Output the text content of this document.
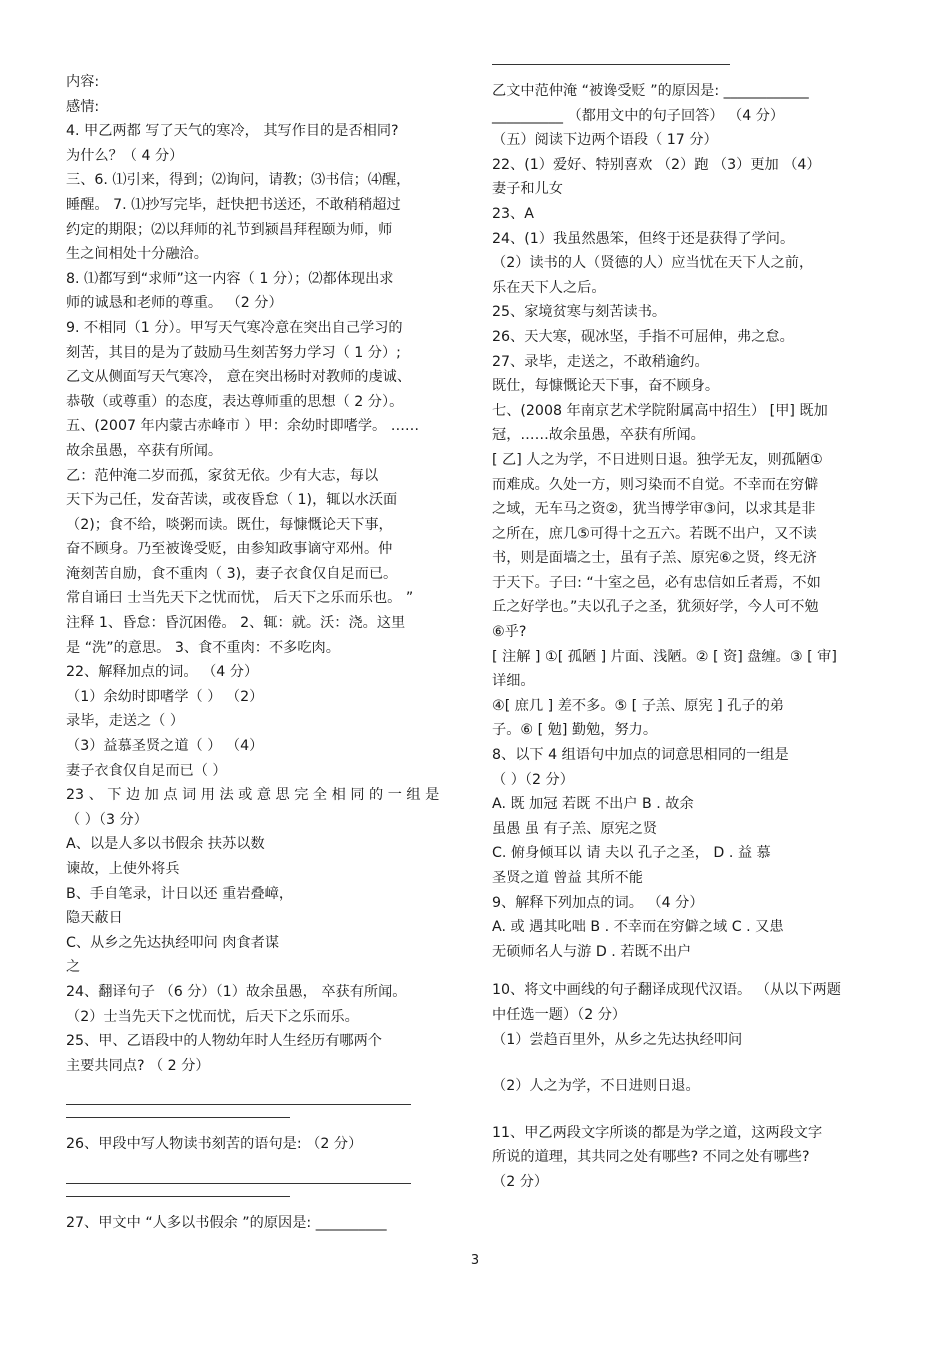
内容:
感情:
4. 甲乙两都 写了天气的寒冷， 其写作目的是否相同?
为什么？（ 4 分）
三、6. ⑴引来，得到；⑵询问，请教；⑶书信；⑷醒，
睡醒。 7. ⑴抄写完毕，赶快把书送还，不敢稍稍超过
约定的期限；⑵以拜师的礼节到颍昌拜程颐为师，师
生之间相处十分融洽。
8. ⑴都写到“求师”这一内容（ 1 分）；⑵都体现出求
师的诚恳和老师的尊重。 （2 分）
9. 不相同（1 分）。甲写天气寒冷意在突出自己学习的
刻苦，其目的是为了鼓励马生刻苦努力学习（ 1 分）;
乙文从侧面写天气寒冷， 意在突出杨时对教师的虔诚、
恭敬（或尊重）的态度，表达尊师重的思想（ 2 分）。
五、(2007 年内蒙古赤峰市 ）甲：余幼时即嗜学。 ……
故余虽愚，卒获有所闻。
乙：范仲淹二岁而孤，家贫无依。少有大志，每以
天下为己任，发奋苦读，或夜昏怠（ 1)，辄以水沃面
（2)；食不给，啖粥而读。既仕，每慷慨论天下事，
奋不顾身。乃至被谗受贬，由参知政事谪守邓州。仲
淹刻苦自励，食不重肉（ 3)，妻子衣食仅自足而已。
常自诵曰 士当先天下之忧而忧， 后天下之乐而乐也。 ”
注释 1、昏怠：昏沉困倦。 2、辄：就。沃：浇。这里
是 “洗”的意思。 3、食不重肉：不多吃肉。
22、解释加点的词。 （4 分）
（1）余幼时即嗜学（ ） （2）
录毕，走送之（ ）
（3）益慕圣贤之道（ ） （4）
妻子衣食仅自足而已（ ）
23 、 下 边 加 点 词 用 法 或 意 思 完 全 相 同 的 一 组 是
（ ）（3 分）
A、以是人多以书假余 扶苏以数
谏故，上使外将兵
B、手自笔录，计日以还 重岩叠嶂，
隐天蔽日
C、从乡之先达执经叩问 肉食者谋
之
24、翻译句子 （6 分）（1）故余虽愚， 卒获有所闻。
（2）士当先天下之忧而忧，后天下之乐而乐。
25、甲、乙语段中的人物幼年时人生经历有哪两个
主要共同点? （ 2 分）
26、甲段中写人物读书刻苦的语句是: （2 分）
27、甲文中 “人多以书假余 ”的原因是: __________
乙文中范仲淹 “被谗受贬 ”的原因是: ____________
__________ （都用文中的句子回答） （4 分）
（五）阅读下边两个语段（ 17 分）
22、(1）爱好、特别喜欢 （2）跑 （3）更加 （4）
妻子和儿女
23、A
24、(1）我虽然愚笨，但终于还是获得了学问。
（2）读书的人（贤德的人）应当忧在天下人之前，
乐在天下人之后。
25、家境贫寒与刻苦读书。
26、天大寒，砚冰坚，手指不可屈伸，弗之怠。
27、录毕，走送之，不敢稍逾约。
既仕，每慷慨论天下事，奋不顾身。
七、(2008 年南京艺术学院附属高中招生） [甲] 既加
冠，……故余虽愚，卒获有所闻。
[ 乙] 人之为学，不日进则日退。独学无友，则孤陋①
而难成。久处一方，则习染而不自觉。不幸而在穷僻
之域，无车马之资②，犹当博学审③问，以求其是非
之所在，庶几⑤可得十之五六。若既不出户，又不读
书，则是面墙之士，虽有子羔、原宪⑥之贤，终无济
于天下。子曰: “十室之邑，必有忠信如丘者焉，不如
丘之好学也。”夫以孔子之圣，犹须好学，今人可不勉
⑥乎?
[ 注解 ] ①[ 孤陋 ] 片面、浅陋。② [ 资] 盘缠。③ [ 审]
详细。
④[ 庶几 ] 差不多。⑤ [ 子羔、原宪 ] 孔子的弟
子。⑥ [ 勉] 勤勉，努力。
8、以下 4 组语句中加点的词意思相同的一组是
（ ）（2 分）
A. 既 加冠 若既 不出户 B . 故余
虽愚 虽 有子羔、原宪之贤
C. 俯身倾耳以 请 夫以 孔子之圣， D . 益 慕
圣贤之道 曾益 其所不能
9、解释下列加点的词。 （4 分）
A. 或 遇其叱咄 B . 不幸而在穷僻之域 C . 又患
无硕师名人与游 D . 若既不出户
10、将文中画线的句子翻译成现代汉语。 （从以下两题
中任选一题）（2 分）
（1）尝趋百里外，从乡之先达执经叩问
（2）人之为学，不日进则日退。
11、甲乙两段文字所谈的都是为学之道，这两段文字
所说的道理，其共同之处有哪些? 不同之处有哪些?
（2 分）
3
